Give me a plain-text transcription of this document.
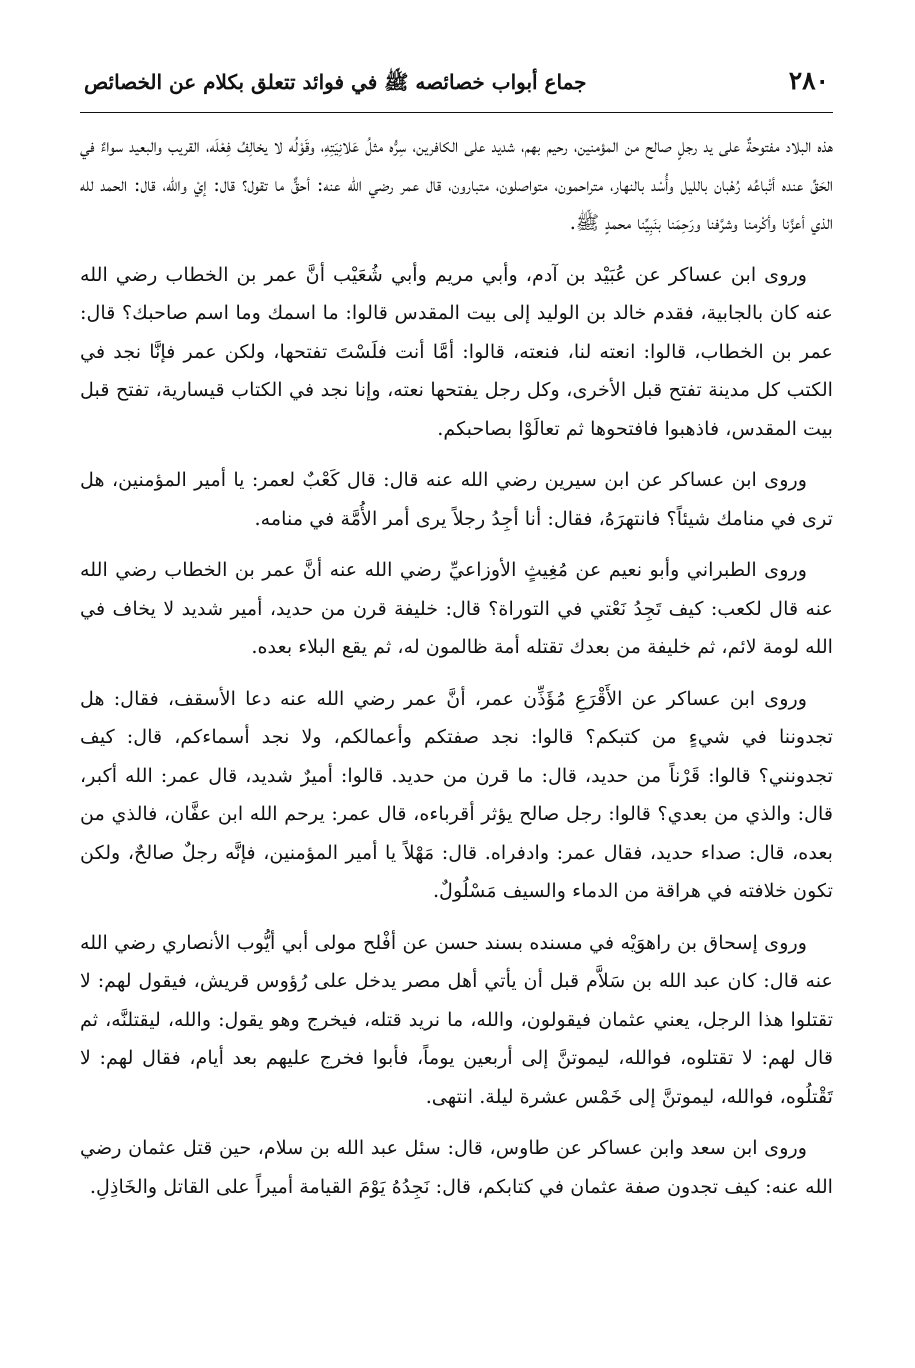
٢٨٠
جماع أبواب خصائصه ﷺ في فوائد تتعلق بكلام عن الخصائص

هذه البلاد مفتوحةٌ على يد رجلٍ صالح من المؤمنين، رحيم بهم، شديد على الكافرين، سِرُّه مثلُ عَلانِيَتِهِ، وقَوْلُه لا يخالِفُ فِعْلَه، القريب والبعيد سواءٌ في الحَقِّ عنده أتْباعُه رُهْبان بالليل وأُسْد بالنهار، متراحمون، متواصلون، متبارون، قال عمر رضي الله عنه: أحقٌّ ما تقول؟ قال: إيْ والله، قال: الحمد لله الذي أعزَّنا وأكْرمنا وشرَّفنا ورَحِمَنا بنَبِيِّنا محمدٍ ﷺ.

وروى ابن عساكر عن عُبَيْد بن آدم، وأبي مريم وأبي شُعَيْب أنَّ عمر بن الخطاب رضي الله عنه كان بالجابية، فقدم خالد بن الوليد إلى بيت المقدس قالوا: ما اسمك وما اسم صاحبك؟ قال: عمر بن الخطاب، قالوا: انعته لنا، فنعته، قالوا: أمَّا أنت فلَسْتَ تفتحها، ولكن عمر فإنَّا نجد في الكتب كل مدينة تفتح قبل الأخرى، وكل رجل يفتحها نعته، وإنا نجد في الكتاب قيسارية، تفتح قبل بيت المقدس، فاذهبوا فافتحوها ثم تعالَوْا بصاحبكم.

وروى ابن عساكر عن ابن سيرين رضي الله عنه قال: قال كَعْبٌ لعمر: يا أمير المؤمنين، هل ترى في منامك شيئاً؟ فانتهرَهُ، فقال: أنا أجِدُ رجلاً يرى أمر الأُمَّة في منامه.

وروى الطبراني وأبو نعيم عن مُغِيثٍ الأوزاعيِّ رضي الله عنه أنَّ عمر بن الخطاب رضي الله عنه قال لكعب: كيف تَجِدُ نَعْتي في التوراة؟ قال: خليفة قرن من حديد، أمير شديد لا يخاف في الله لومة لائم، ثم خليفة من بعدك تقتله أمة ظالمون له، ثم يقع البلاء بعده.

وروى ابن عساكر عن الأَقْرَعِ مُؤَذِّن عمر، أنَّ عمر رضي الله عنه دعا الأسقف، فقال: هل تجدوننا في شيءٍ من كتبكم؟ قالوا: نجد صفتكم وأعمالكم، ولا نجد أسماءكم، قال: كيف تجدونني؟ قالوا: قَرْناً من حديد، قال: ما قرن من حديد. قالوا: أميرٌ شديد، قال عمر: الله أكبر، قال: والذي من بعدي؟ قالوا: رجل صالح يؤثر أقرباءه، قال عمر: يرحم الله ابن عفَّان، فالذي من بعده، قال: صداء حديد، فقال عمر: وادفراه. قال: مَهْلاً يا أمير المؤمنين، فإنَّه رجلٌ صالحٌ، ولكن تكون خلافته في هراقة من الدماء والسيف مَسْلُولٌ.

وروى إسحاق بن راهوَيْه في مسنده بسند حسن عن أفْلح مولى أبي أيُّوب الأنصاري رضي الله عنه قال: كان عبد الله بن سَلاَّم قبل أن يأتي أهل مصر يدخل على رُؤوس قريش، فيقول لهم: لا تقتلوا هذا الرجل، يعني عثمان فيقولون، والله، ما نريد قتله، فيخرج وهو يقول: والله، ليقتلنَّه، ثم قال لهم: لا تقتلوه، فوالله، ليموتنَّ إلى أربعين يوماً، فأبوا فخرج عليهم بعد أيام، فقال لهم: لا تَقْتلُوه، فوالله، ليموتنَّ إلى خَمْس عشرة ليلة. انتهى.

وروى ابن سعد وابن عساكر عن طاوس، قال: سئل عبد الله بن سلام، حين قتل عثمان رضي الله عنه: كيف تجدون صفة عثمان في كتابكم، قال: نَجِدُهُ يَوْمَ القيامة أميراً على القاتل والخَاذِلِ.
